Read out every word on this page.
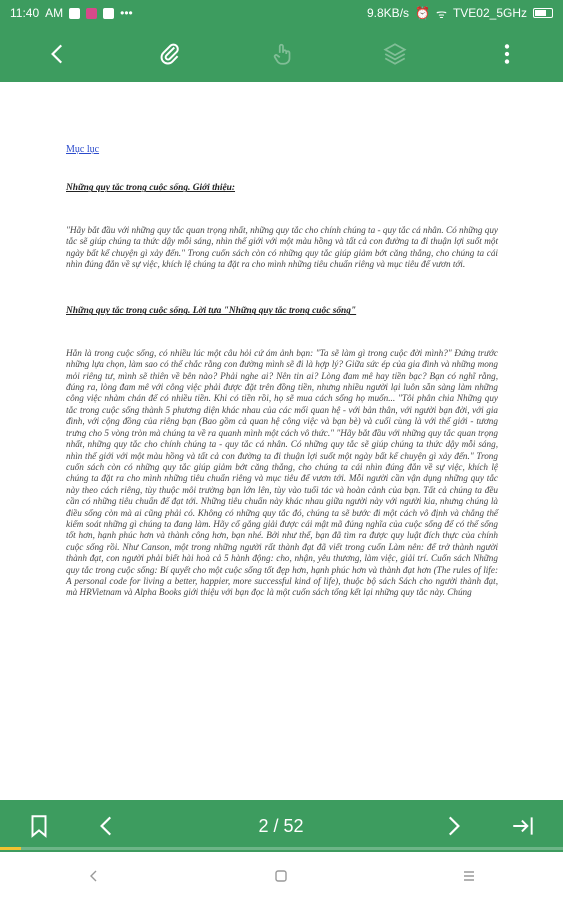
11:40 AM	•••	9.8KB/s ⏰ ᯤ TVE02_5GHz
Mục lục
Những quy tắc trong cuộc sống. Giới thiệu:

"Hãy bắt đầu với những quy tắc quan trọng nhất, những quy tắc cho chính chúng ta - quy tắc cá nhân. Có những quy tắc sẽ giúp chúng ta thức dậy mỗi sáng, nhìn thế giới với một màu hồng và tất cả con đường ta đi thuận lợi suốt một ngày bất kể chuyện gì xảy đến." Trong cuốn sách còn có những quy tắc giúp giảm bớt căng thẳng, cho chúng ta cái nhìn đúng đắn về sự việc, khích lệ chúng ta đặt ra cho mình những tiêu chuẩn riêng và mục tiêu để vươn tới.

Những quy tắc trong cuộc sống. Lời tựa "Những quy tắc trong cuộc sống"

Hẳn là trong cuộc sống, có nhiều lúc một câu hỏi cứ ám ảnh bạn: "Ta sẽ làm gì trong cuộc đời mình?" Đứng trước những lựa chọn, làm sao có thể chắc rằng con đường mình sẽ đi là hợp lý? Giữa sức ép của gia đình và những mong mỏi riêng tư, mình sẽ thiên về bên nào? Phải nghe ai? Nên tin ai? Lòng đam mê hay tiền bạc? Bạn có nghĩ rằng, đúng ra, lòng đam mê với công việc phải được đặt trên đồng tiền, nhưng nhiều người lại luôn sẵn sàng làm những công việc nhàm chán để có nhiều tiền. Khi có tiền rồi, họ sẽ mua cách sống họ muốn... "Tôi phân chia Những quy tắc trong cuộc sống thành 5 phương diện khác nhau của các mối quan hệ - với bản thân, với người bạn đời, với gia đình, với cộng đồng của riêng bạn (Bao gồm cả quan hệ công việc và bạn bè) và cuối cùng là với thế giới - tương trưng cho 5 vòng tròn mà chúng ta về ra quanh mình một cách vô thức." "Hãy bắt đầu với những quy tắc quan trọng nhất, những quy tắc cho chính chúng ta - quy tắc cá nhân. Có những quy tắc sẽ giúp chúng ta thức dậy mỗi sáng, nhìn thế giới với một màu hồng và tất cả con đường ta đi thuận lợi suốt một ngày bất kể chuyện gì xảy đến." Trong cuốn sách còn có những quy tắc giúp giảm bớt căng thẳng, cho chúng ta cái nhìn đúng đắn về sự việc, khích lệ chúng ta đặt ra cho mình những tiêu chuẩn riêng và mục tiêu để vươn tới. Mỗi người cần vận dụng những quy tắc này theo cách riêng, tùy thuộc môi trường bạn lớn lên, tùy vào tuổi tác và hoàn cảnh của bạn. Tất cả chúng ta đều cần có những tiêu chuẩn để đạt tới. Những tiêu chuẩn này khác nhau giữa người này với người kia, nhưng chúng là điều sống còn mà ai cũng phải có. Không có những quy tắc đó, chúng ta sẽ bước đi một cách vô định và chẳng thể kiểm soát những gì chúng ta đang làm. Hãy cố gắng giải được cái mật mã đúng nghĩa của cuộc sống để có thể sống tốt hơn, hạnh phúc hơn và thành công hơn, bạn nhé. Bởi như thế, bạn đã tìm ra được quy luật đích thực của chính cuộc sống rồi. Như Canson, một trong những người rất thành đạt đã viết trong cuốn Làm nên: để trở thành người thành đạt, con người phải biết hài hoà cả 5 hành động: cho, nhận, yêu thương, làm việc, giải trí. Cuốn sách Những quy tắc trong cuộc sống: Bí quyết cho một cuộc sống tốt đẹp hơn, hạnh phúc hơn và thành đạt hơn (The rules of life: A personal code for living a better, happier, more successful kind of life), thuộc bộ sách Sách cho người thành đạt, mà HRVietnam và Alpha Books giới thiệu với bạn đọc là một cuốn sách tổng kết lại những quy tắc này. Chúng

2 / 52
